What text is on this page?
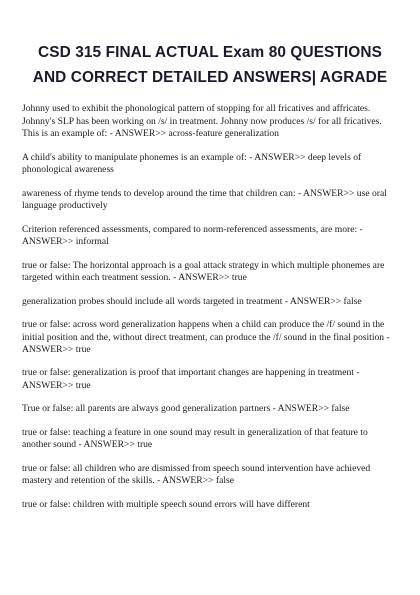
CSD 315 FINAL ACTUAL Exam 80 QUESTIONS AND CORRECT DETAILED ANSWERS| AGRADE

Johnny used to exhibit the phonological pattern of stopping for all fricatives and affricates. Johnny's SLP has been working on /s/ in treatment. Johnny now produces /s/ for all fricatives. This is an example of: - ANSWER>> across-feature generalization

A child's ability to manipulate phonemes is an example of: - ANSWER>> deep levels of phonological awareness

awareness of rhyme tends to develop around the time that children can: - ANSWER>> use oral language productively

Criterion referenced assessments, compared to norm-referenced assessments, are more: - ANSWER>> informal

true or false: The horizontal approach is a goal attack strategy in which multiple phonemes are targeted within each treatment session. - ANSWER>> true

generalization probes should include all words targeted in treatment - ANSWER>> false

true or false: across word generalization happens when a child can produce the /f/ sound in the initial position and the, without direct treatment, can produce the /f/ sound in the final position - ANSWER>> true

true or false: generalization is proof that important changes are happening in treatment - ANSWER>> true

True or false: all parents are always good generalization partners - ANSWER>> false

true or false: teaching a feature in one sound may result in generalization of that feature to another sound - ANSWER>> true

true or false: all children who are dismissed from speech sound intervention have achieved mastery and retention of the skills. - ANSWER>> false

true or false: children with multiple speech sound errors will have different
